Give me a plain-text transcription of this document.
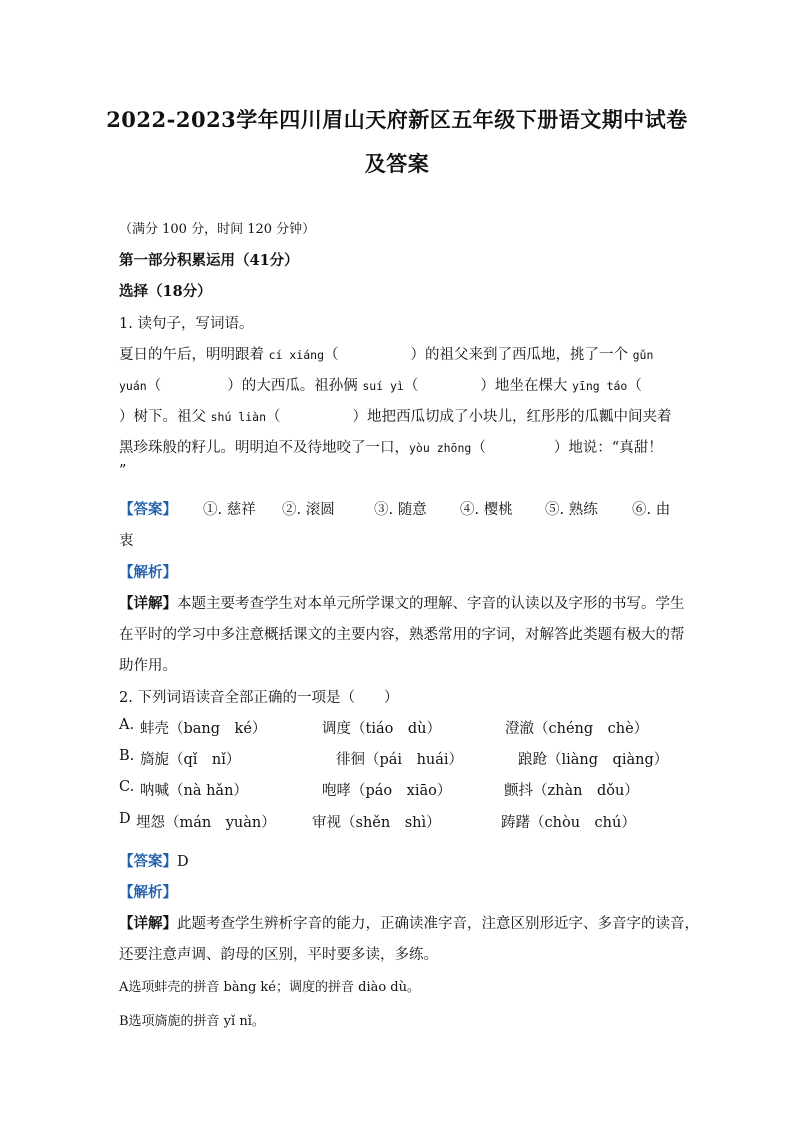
2022-2023学年四川眉山天府新区五年级下册语文期中试卷
及答案
（满分 100 分，时间 120 分钟）
第一部分积累运用（41分）
选择（18分）
1. 读句子，写词语。
夏日的午后，明明跟着 cí xiáng（	）的祖父来到了西瓜地，挑了一个 gǔn
yuán（	）的大西瓜。祖孙俩 suí yì（	）地坐在棵大 yīng táo（
）树下。祖父 shú liàn（	）地把西瓜切成了小块儿，红彤彤的瓜瓤中间夹着
黑珍珠般的籽儿。明明迫不及待地咬了一口，yòu zhōng（	）地说：“真甜！
”
【答案】 ①. 慈祥 ②. 滚圆	③. 随意 ④. 樱桃 ⑤. 熟练 ⑥. 由
衷
【解析】
【详解】本题主要考查学生对本单元所学课文的理解、字音的认读以及字形的书写。学生
在平时的学习中多注意概括课文的主要内容，熟悉常用的字词，对解答此类题有极大的帮
助作用。
2. 下列词语读音全部正确的一项是（　　）
A. 蚌壳（bang　ké）	调度（tiáo　dù）	澄澈（chéng　chè）
B. 旖旎（qǐ　nǐ）	徘徊（pái　huái）	踉跄（liàng　qiàng）
C. 呐喊（nà hǎn）	咆哮（páo　xiāo）	颤抖（zhàn　dǒu）
D 埋怨（mán　yuàn）	审视（shěn　shì）	踌躇（chòu　chú）
【答案】D
【解析】
【详解】此题考查学生辨析字音的能力，正确读准字音，注意区别形近字、多音字的读音，
还要注意声调、韵母的区别，平时要多读，多练。
A选项蚌壳的拼音 bàng ké；调度的拼音 diào dù。
B选项旖旎的拼音 yǐ nǐ。
